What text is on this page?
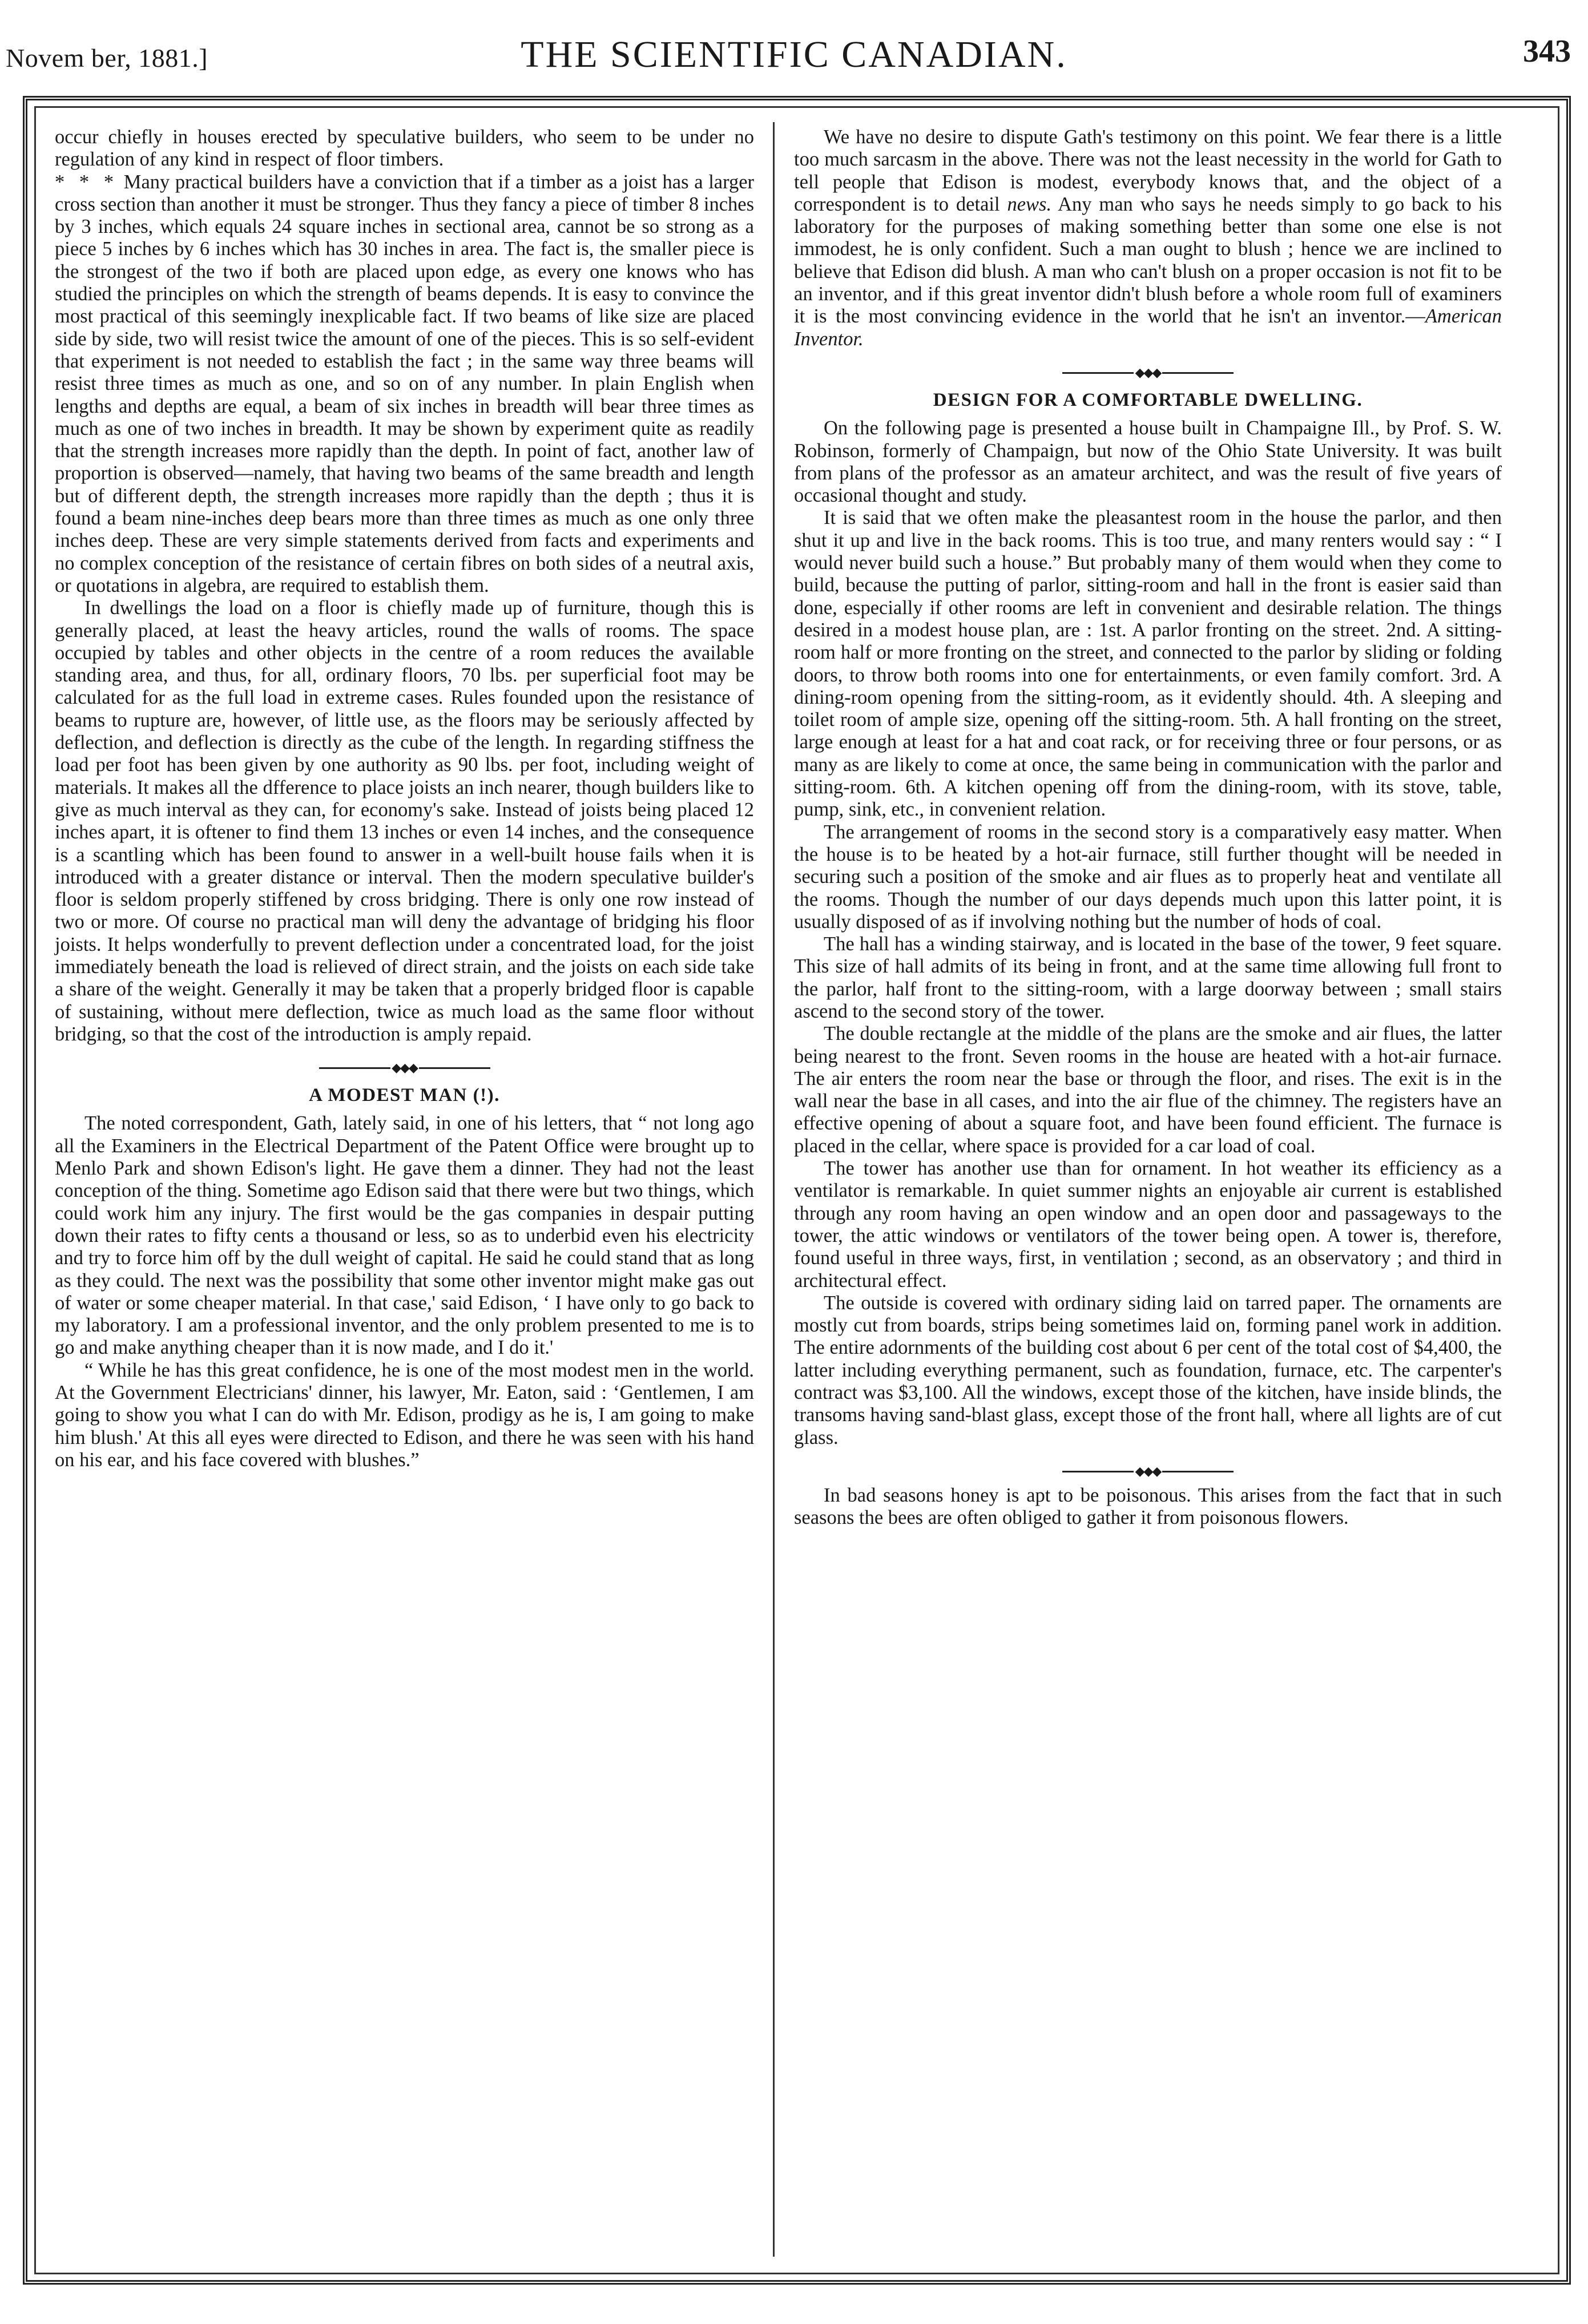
Novem ber, 1881.]	THE SCIENTIFIC CANADIAN.	343

occur chiefly in houses erected by speculative builders, who seem to be under no regulation of any kind in respect of floor timbers.
* * * Many practical builders have a conviction that if a timber as a joist has a larger cross section than another it must be stronger. Thus they fancy a piece of timber 8 inches by 3 inches, which equals 24 square inches in sectional area, cannot be so strong as a piece 5 inches by 6 inches which has 30 inches in area. The fact is, the smaller piece is the strongest of the two if both are placed upon edge, as every one knows who has studied the principles on which the strength of beams depends. It is easy to convince the most practical of this seemingly inexplicable fact. If two beams of like size are placed side by side, two will resist twice the amount of one of the pieces. This is so self-evident that experiment is not needed to establish the fact ; in the same way three beams will resist three times as much as one, and so on of any number. In plain English when lengths and depths are equal, a beam of six inches in breadth will bear three times as much as one of two inches in breadth. It may be shown by experiment quite as readily that the strength increases more rapidly than the depth. In point of fact, another law of proportion is observed—namely, that having two beams of the same breadth and length but of different depth, the strength increases more rapidly than the depth ; thus it is found a beam nine-inches deep bears more than three times as much as one only three inches deep. These are very simple statements derived from facts and experiments and no complex conception of the resistance of certain fibres on both sides of a neutral axis, or quotations in algebra, are required to establish them.

In dwellings the load on a floor is chiefly made up of furniture, though this is generally placed, at least the heavy articles, round the walls of rooms. The space occupied by tables and other objects in the centre of a room reduces the available standing area, and thus, for all, ordinary floors, 70 lbs. per superficial foot may be calculated for as the full load in extreme cases. Rules founded upon the resistance of beams to rupture are, however, of little use, as the floors may be seriously affected by deflection, and deflection is directly as the cube of the length. In regarding stiffness the load per foot has been given by one authority as 90 lbs. per foot, including weight of materials. It makes all the dfference to place joists an inch nearer, though builders like to give as much interval as they can, for economy's sake. Instead of joists being placed 12 inches apart, it is oftener to find them 13 inches or even 14 inches, and the consequence is a scantling which has been found to answer in a well-built house fails when it is introduced with a greater distance or interval. Then the modern speculative builder's floor is seldom properly stiffened by cross bridging. There is only one row instead of two or more. Of course no practical man will deny the advantage of bridging his floor joists. It helps wonderfully to prevent deflection under a concentrated load, for the joist immediately beneath the load is relieved of direct strain, and the joists on each side take a share of the weight. Generally it may be taken that a properly bridged floor is capable of sustaining, without mere deflection, twice as much load as the same floor without bridging, so that the cost of the introduction is amply repaid.

◆◆◆
A MODEST MAN (!).

The noted correspondent, Gath, lately said, in one of his letters, that “ not long ago all the Examiners in the Electrical Department of the Patent Office were brought up to Menlo Park and shown Edison's light. He gave them a dinner. They had not the least conception of the thing. Sometime ago Edison said that there were but two things, which could work him any injury. The first would be the gas companies in despair putting down their rates to fifty cents a thousand or less, so as to underbid even his electricity and try to force him off by the dull weight of capital. He said he could stand that as long as they could. The next was the possibility that some other inventor might make gas out of water or some cheaper material. In that case,' said Edison, ‘ I have only to go back to my laboratory. I am a professional inventor, and the only problem presented to me is to go and make anything cheaper than it is now made, and I do it.'

“ While he has this great confidence, he is one of the most modest men in the world. At the Government Electricians' dinner, his lawyer, Mr. Eaton, said : ‘Gentlemen, I am going to show you what I can do with Mr. Edison, prodigy as he is, I am going to make him blush.' At this all eyes were directed to Edison, and there he was seen with his hand on his ear, and his face covered with blushes.”

We have no desire to dispute Gath's testimony on this point. We fear there is a little too much sarcasm in the above. There was not the least necessity in the world for Gath to tell people that Edison is modest, everybody knows that, and the object of a correspondent is to detail news. Any man who says he needs simply to go back to his laboratory for the purposes of making something better than some one else is not immodest, he is only confident. Such a man ought to blush ; hence we are inclined to believe that Edison did blush. A man who can't blush on a proper occasion is not fit to be an inventor, and if this great inventor didn't blush before a whole room full of examiners it is the most convincing evidence in the world that he isn't an inventor.—American Inventor.

◆◆◆
DESIGN FOR A COMFORTABLE DWELLING.

On the following page is presented a house built in Champaigne Ill., by Prof. S. W. Robinson, formerly of Champaign, but now of the Ohio State University. It was built from plans of the professor as an amateur architect, and was the result of five years of occasional thought and study.

It is said that we often make the pleasantest room in the house the parlor, and then shut it up and live in the back rooms. This is too true, and many renters would say : “ I would never build such a house.” But probably many of them would when they come to build, because the putting of parlor, sitting-room and hall in the front is easier said than done, especially if other rooms are left in convenient and desirable relation. The things desired in a modest house plan, are : 1st. A parlor fronting on the street. 2nd. A sitting-room half or more fronting on the street, and connected to the parlor by sliding or folding doors, to throw both rooms into one for entertainments, or even family comfort. 3rd. A dining-room opening from the sitting-room, as it evidently should. 4th. A sleeping and toilet room of ample size, opening off the sitting-room. 5th. A hall fronting on the street, large enough at least for a hat and coat rack, or for receiving three or four persons, or as many as are likely to come at once, the same being in communication with the parlor and sitting-room. 6th. A kitchen opening off from the dining-room, with its stove, table, pump, sink, etc., in convenient relation.

The arrangement of rooms in the second story is a comparatively easy matter. When the house is to be heated by a hot-air furnace, still further thought will be needed in securing such a position of the smoke and air flues as to properly heat and ventilate all the rooms. Though the number of our days depends much upon this latter point, it is usually disposed of as if involving nothing but the number of hods of coal.

The hall has a winding stairway, and is located in the base of the tower, 9 feet square. This size of hall admits of its being in front, and at the same time allowing full front to the parlor, half front to the sitting-room, with a large doorway between ; small stairs ascend to the second story of the tower.

The double rectangle at the middle of the plans are the smoke and air flues, the latter being nearest to the front. Seven rooms in the house are heated with a hot-air furnace. The air enters the room near the base or through the floor, and rises. The exit is in the wall near the base in all cases, and into the air flue of the chimney. The registers have an effective opening of about a square foot, and have been found efficient. The furnace is placed in the cellar, where space is provided for a car load of coal.

The tower has another use than for ornament. In hot weather its efficiency as a ventilator is remarkable. In quiet summer nights an enjoyable air current is established through any room having an open window and an open door and passageways to the tower, the attic windows or ventilators of the tower being open. A tower is, therefore, found useful in three ways, first, in ventilation ; second, as an observatory ; and third in architectural effect.

The outside is covered with ordinary siding laid on tarred paper. The ornaments are mostly cut from boards, strips being sometimes laid on, forming panel work in addition. The entire adornments of the building cost about 6 per cent of the total cost of $4,400, the latter including everything permanent, such as foundation, furnace, etc. The carpenter's contract was $3,100. All the windows, except those of the kitchen, have inside blinds, the transoms having sand-blast glass, except those of the front hall, where all lights are of cut glass.

◆◆◆

In bad seasons honey is apt to be poisonous. This arises from the fact that in such seasons the bees are often obliged to gather it from poisonous flowers.
